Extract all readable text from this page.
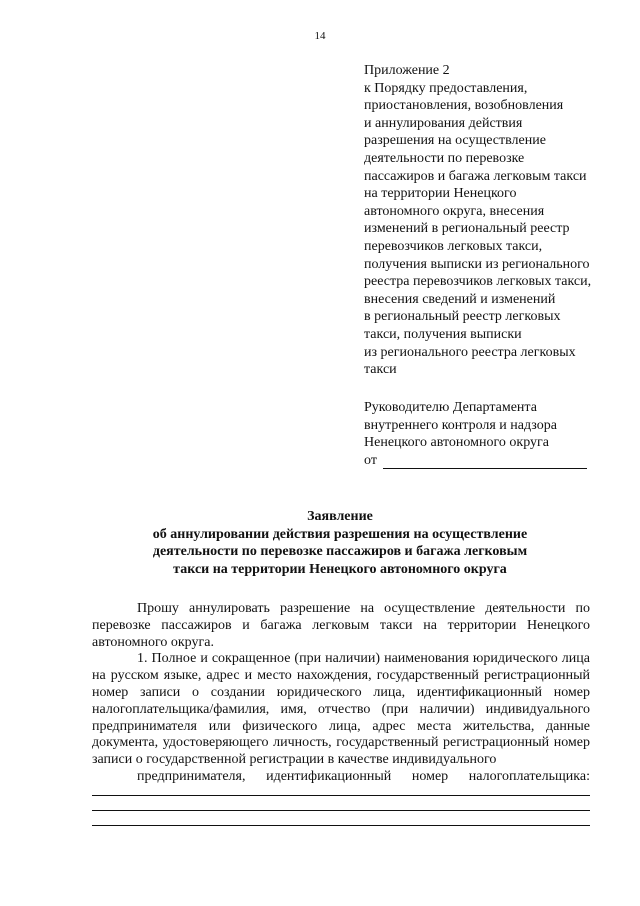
14
Приложение 2
к Порядку предоставления,
приостановления, возобновления
и аннулирования действия
разрешения на осуществление
деятельности по перевозке
пассажиров и багажа легковым такси
на территории Ненецкого
автономного округа, внесения
изменений в региональный реестр
перевозчиков легковых такси,
получения выписки из регионального
реестра перевозчиков легковых такси,
внесения сведений и изменений
в региональный реестр легковых
такси, получения выписки
из регионального реестра легковых
такси
Руководителю Департамента
внутреннего контроля и надзора
Ненецкого автономного округа
от
Заявление
об аннулировании действия разрешения на осуществление
деятельности по перевозке пассажиров и багажа легковым
такси на территории Ненецкого автономного округа

Прошу аннулировать разрешение на осуществление деятельности по перевозке пассажиров и багажа легковым такси на территории Ненецкого автономного округа.

1. Полное и сокращенное (при наличии) наименования юридического лица на русском языке, адрес и место нахождения, государственный регистрационный номер записи о создании юридического лица, идентификационный номер налогоплательщика/фамилия, имя, отчество (при наличии) индивидуального предпринимателя или физического лица, адрес места жительства, данные документа, удостоверяющего личность, государственный регистрационный номер записи о государственной регистрации в качестве индивидуального
предпринимателя, идентификационный номер налогоплательщика:
